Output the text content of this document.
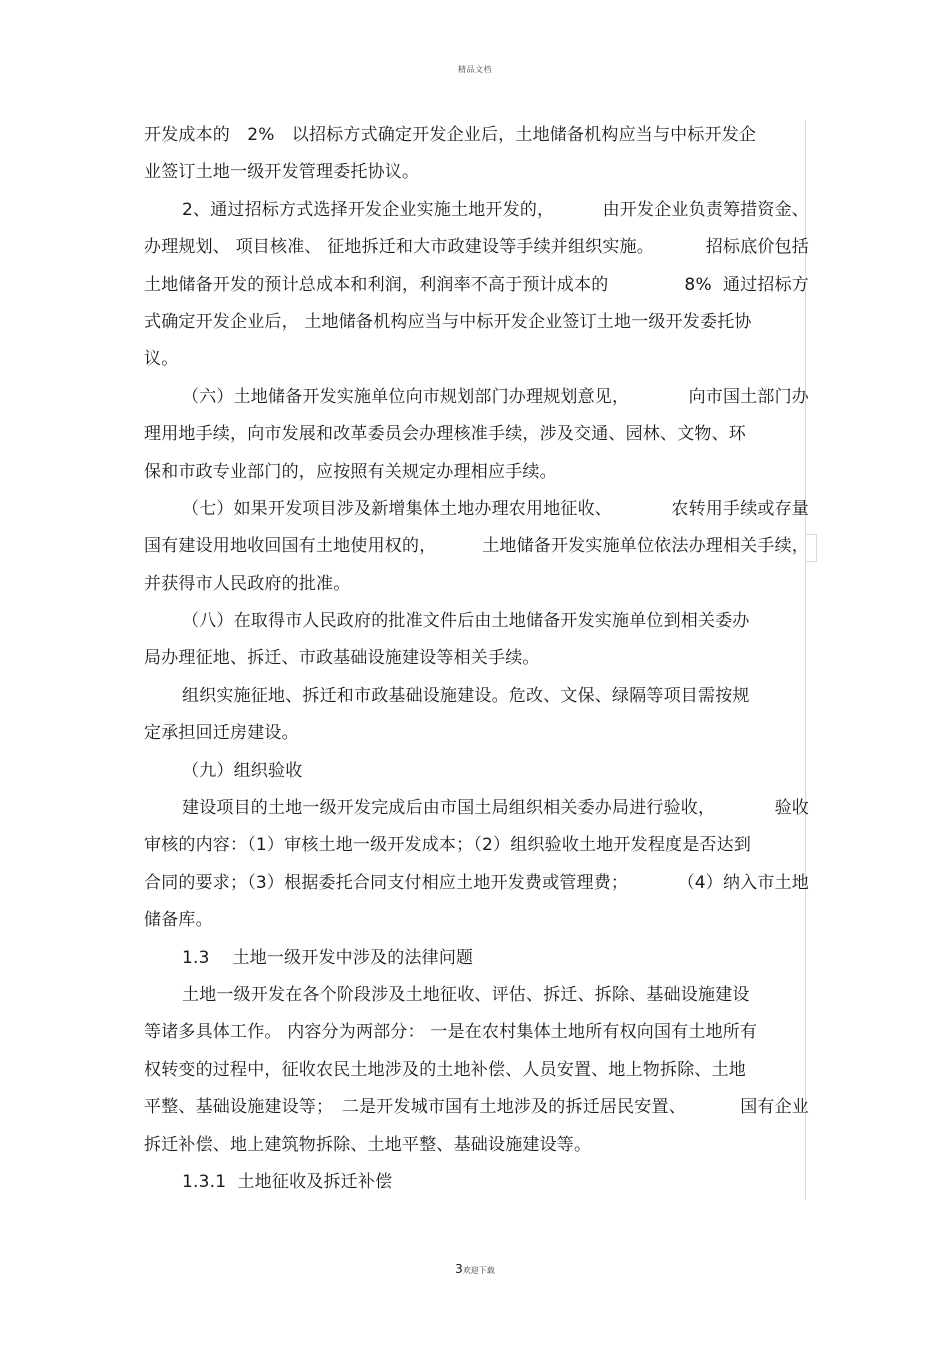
精品文档
开发成本的　2%　以招标方式确定开发企业后，土地储备机构应当与中标开发企
业签订土地一级开发管理委托协议。
2、通过招标方式选择开发企业实施土地开发的，	由开发企业负责筹措资金、
办理规划、 项目核准、 征地拆迁和大市政建设等手续并组织实施。	招标底价包括
土地储备开发的预计总成本和利润，利润率不高于预计成本的	8%  通过招标方
式确定开发企业后， 土地储备机构应当与中标开发企业签订土地一级开发委托协
议。
（六）土地储备开发实施单位向市规划部门办理规划意见，	向市国土部门办
理用地手续，向市发展和改革委员会办理核准手续，涉及交通、园林、文物、环
保和市政专业部门的，应按照有关规定办理相应手续。
（七）如果开发项目涉及新增集体土地办理农用地征收、	农转用手续或存量
国有建设用地收回国有土地使用权的，	土地储备开发实施单位依法办理相关手续，
并获得市人民政府的批准。
（八）在取得市人民政府的批准文件后由土地储备开发实施单位到相关委办
局办理征地、拆迁、市政基础设施建设等相关手续。
组织实施征地、拆迁和市政基础设施建设。危改、文保、绿隔等项目需按规
定承担回迁房建设。
（九）组织验收
建设项目的土地一级开发完成后由市国土局组织相关委办局进行验收，	验收
审核的内容：（1）审核土地一级开发成本；（2）组织验收土地开发程度是否达到
合同的要求；（3）根据委托合同支付相应土地开发费或管理费；	（4）纳入市土地
储备库。
1.3　 土地一级开发中涉及的法律问题
土地一级开发在各个阶段涉及土地征收、评估、拆迁、拆除、基础设施建设
等诸多具体工作。 内容分为两部分： 一是在农村集体土地所有权向国有土地所有
权转变的过程中，征收农民土地涉及的土地补偿、人员安置、地上物拆除、土地
平整、基础设施建设等；　二是开发城市国有土地涉及的拆迁居民安置、	国有企业
拆迁补偿、地上建筑物拆除、土地平整、基础设施建设等。
1.3.1  土地征收及拆迁补偿
3欢迎下载
